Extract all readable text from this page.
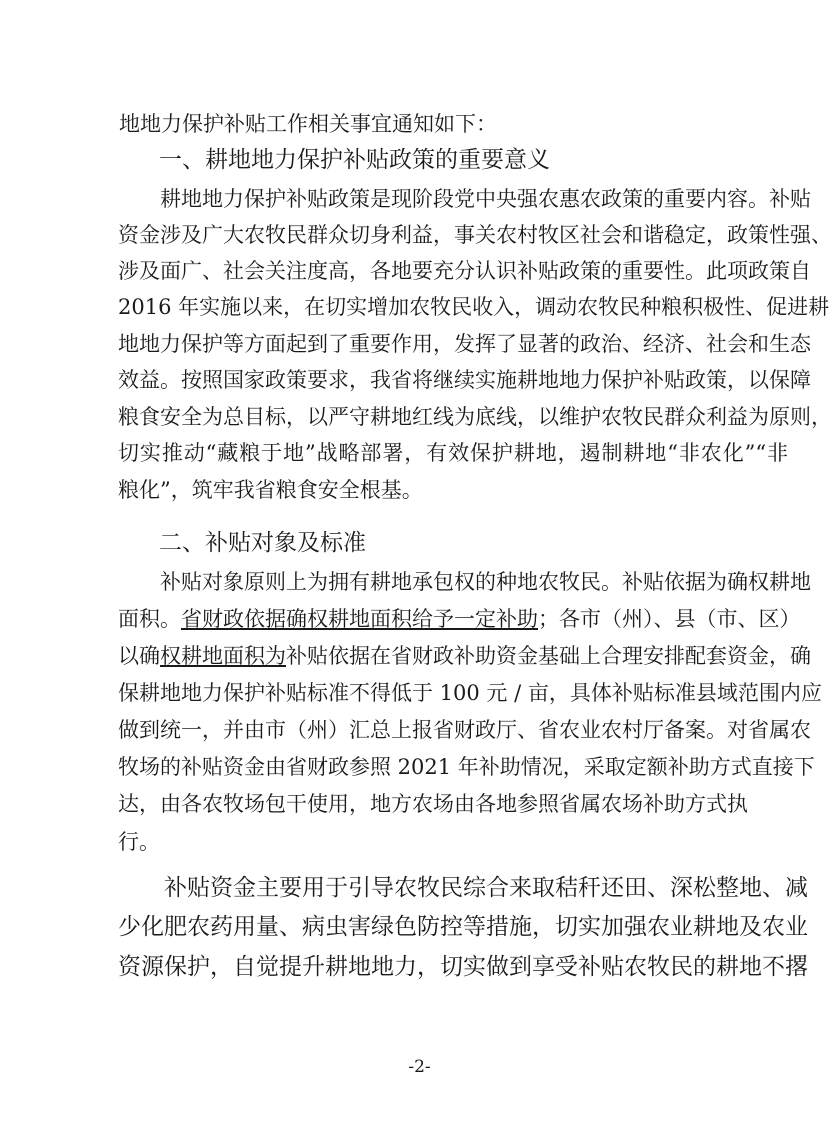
地地力保护补贴工作相关事宜通知如下：
一、耕地地力保护补贴政策的重要意义
耕地地力保护补贴政策是现阶段党中央强农惠农政策的重要内容。补贴
资金涉及广大农牧民群众切身利益，事关农村牧区社会和谐稳定，政策性强、
涉及面广、社会关注度高，各地要充分认识补贴政策的重要性。此项政策自
2016 年实施以来，在切实增加农牧民收入，调动农牧民种粮积极性、促进耕
地地力保护等方面起到了重要作用，发挥了显著的政治、经济、社会和生态
效益。按照国家政策要求，我省将继续实施耕地地力保护补贴政策，以保障
粮食安全为总目标，以严守耕地红线为底线，以维护农牧民群众利益为原则，
切实推动“藏粮于地”战略部署，有效保护耕地，遏制耕地“非农化”“非
粮化”，筑牢我省粮食安全根基。
二、补贴对象及标准
补贴对象原则上为拥有耕地承包权的种地农牧民。补贴依据为确权耕地
面积。省财政依据确权耕地面积给予一定补助；各市（州）、县（市、区）
以确权耕地面积为补贴依据在省财政补助资金基础上合理安排配套资金，确
保耕地地力保护补贴标准不得低于 100 元 / 亩，具体补贴标准县域范围内应
做到统一，并由市（州）汇总上报省财政厅、省农业农村厅备案。对省属农
牧场的补贴资金由省财政参照 2021 年补助情况，采取定额补助方式直接下
达，由各农牧场包干使用，地方农场由各地参照省属农场补助方式执
行。
补贴资金主要用于引导农牧民综合来取秸秆还田、深松整地、减
少化肥农药用量、病虫害绿色防控等措施，切实加强农业耕地及农业
资源保护，自觉提升耕地地力，切实做到享受补贴农牧民的耕地不撂
-2-
